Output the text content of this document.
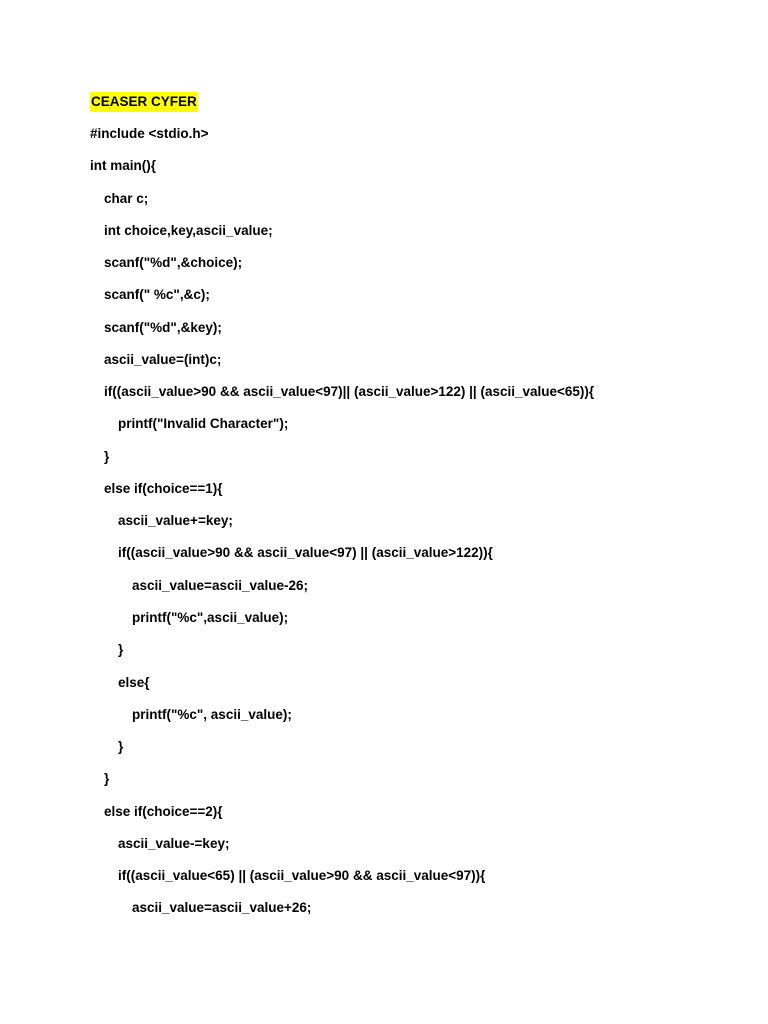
CEASER CYFER
#include <stdio.h>
int main(){
char c;
int choice,key,ascii_value;
scanf("%d",&choice);
scanf(" %c",&c);
scanf("%d",&key);
ascii_value=(int)c;
if((ascii_value>90 && ascii_value<97)|| (ascii_value>122) || (ascii_value<65)){
printf("Invalid Character");
}
else if(choice==1){
ascii_value+=key;
if((ascii_value>90 && ascii_value<97) || (ascii_value>122)){
ascii_value=ascii_value-26;
printf("%c",ascii_value);
}
else{
printf("%c", ascii_value);
}
}
else if(choice==2){
ascii_value-=key;
if((ascii_value<65) || (ascii_value>90 && ascii_value<97)){
ascii_value=ascii_value+26;
